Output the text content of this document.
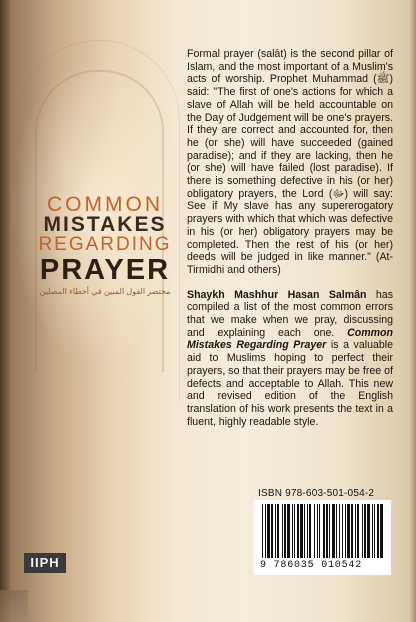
COMMON
MISTAKES
REGARDING
PRAYER
مختصر القول المبين في أخطاء المصلين

Formal prayer (salāt) is the second pillar of Islam, and the most important of a Muslim's acts of worship. Prophet Muhammad (ﷺ) said: "The first of one's actions for which a slave of Allah will be held accountable on the Day of Judgement will be one's prayers. If they are correct and accounted for, then he (or she) will have succeeded (gained paradise); and if they are lacking, then he (or she) will have failed (lost paradise). If there is something defective in his (or her) obligatory prayers, the Lord (ﷻ) will say: See if My slave has any supererogatory prayers with which that which was defective in his (or her) obligatory prayers may be completed. Then the rest of his (or her) deeds will be judged in like manner." (At-Tirmidhi and others)

Shaykh Mashhur Hasan Salmân has compiled a list of the most common errors that we make when we pray, discussing and explaining each one. Common Mistakes Regarding Prayer is a valuable aid to Muslims hoping to perfect their prayers, so that their prayers may be free of defects and acceptable to Allah. This new and revised edition of the English translation of his work presents the text in a fluent, highly readable style.

ISBN 978-603-501-054-2
9 786035 010542
IIPH
